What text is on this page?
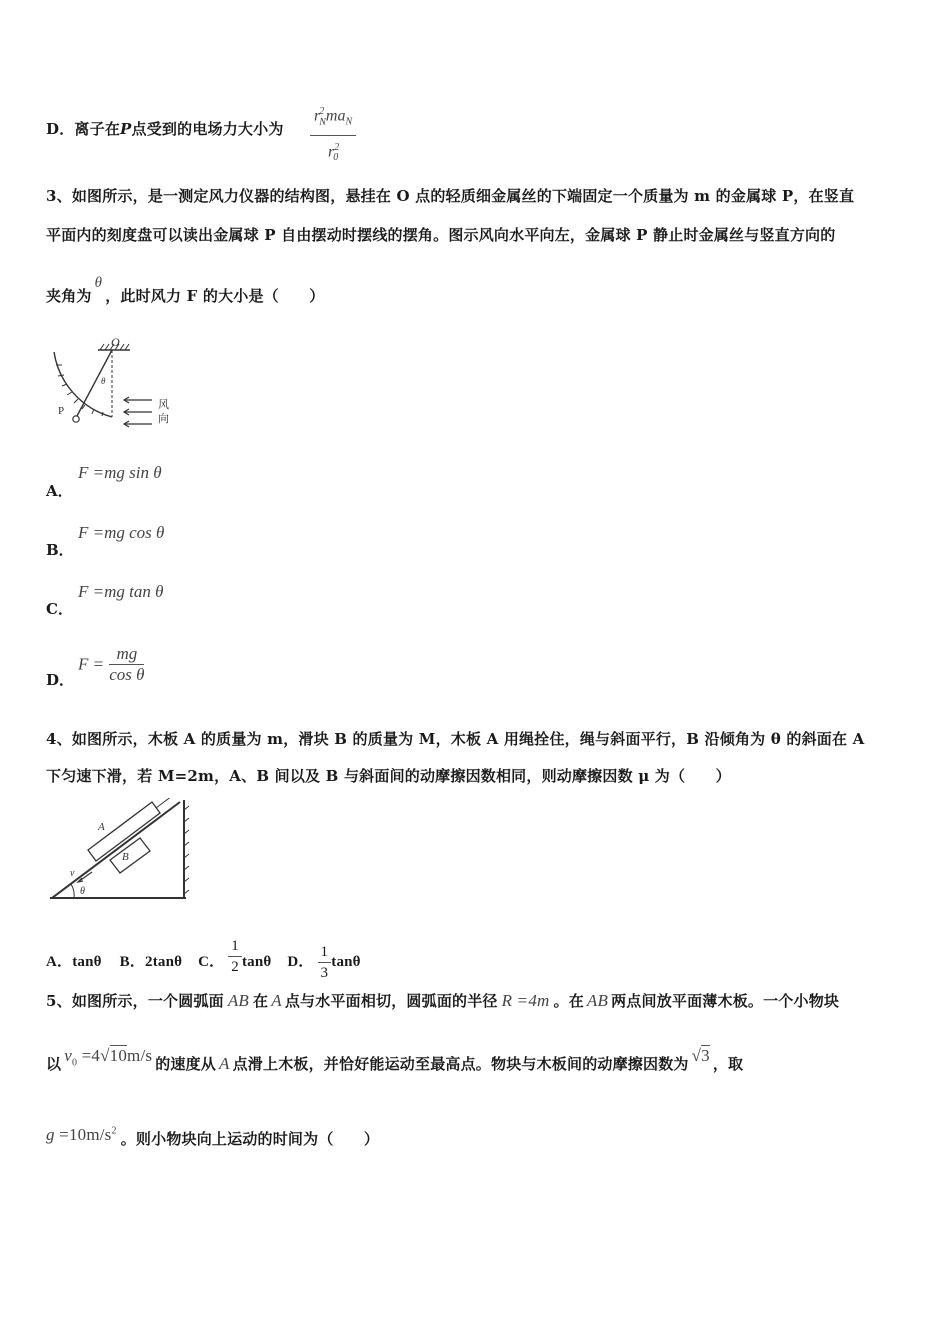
D．离子在P点受到的电场力大小为
$r^2_Nma_N$
$r^2_0$
3、如图所示，是一测定风力仪器的结构图，悬挂在 O 点的轻质细金属丝的下端固定一个质量为 m 的金属球 P，在竖直
平面内的刻度盘可以读出金属球 P 自由摆动时摆线的摆角。图示风向水平向左，金属球 P 静止时金属丝与竖直方向的
夹角为θ，此时风力 F 的大小是（　　）
O
P
θ
风
向
A．
F =mg sin θ
B．
F =mg cos θ
C．
F =mg tan θ
D．
$F = \frac{mg}{\text{cos θ}}$
4、如图所示，木板 A 的质量为 m，滑块 B 的质量为 M，木板 A 用绳拴住，绳与斜面平行，B 沿倾角为 θ 的斜面在 A
下匀速下滑，若 M=2m，A、B 间以及 B 与斜面间的动摩擦因数相同，则动摩擦因数 μ 为（　　）
B
A
v
θ
A．tanθ B．2tanθ C． $\frac{1}{2}$ tanθ D． $\frac{1}{3}$ tanθ
5、如图所示，一个圆弧面 AB 在 A 点与水平面相切，圆弧面的半径 R =4m 。在 AB 两点间放平面薄木板。一个小物块
以 $v_0 =4√10m/s$ 的速度从 A 点滑上木板，并恰好能运动至最高点。物块与木板间的动摩擦因数为 √3 ，取
$g =10m/s^2$ 。则小物块向上运动的时间为（　　）
